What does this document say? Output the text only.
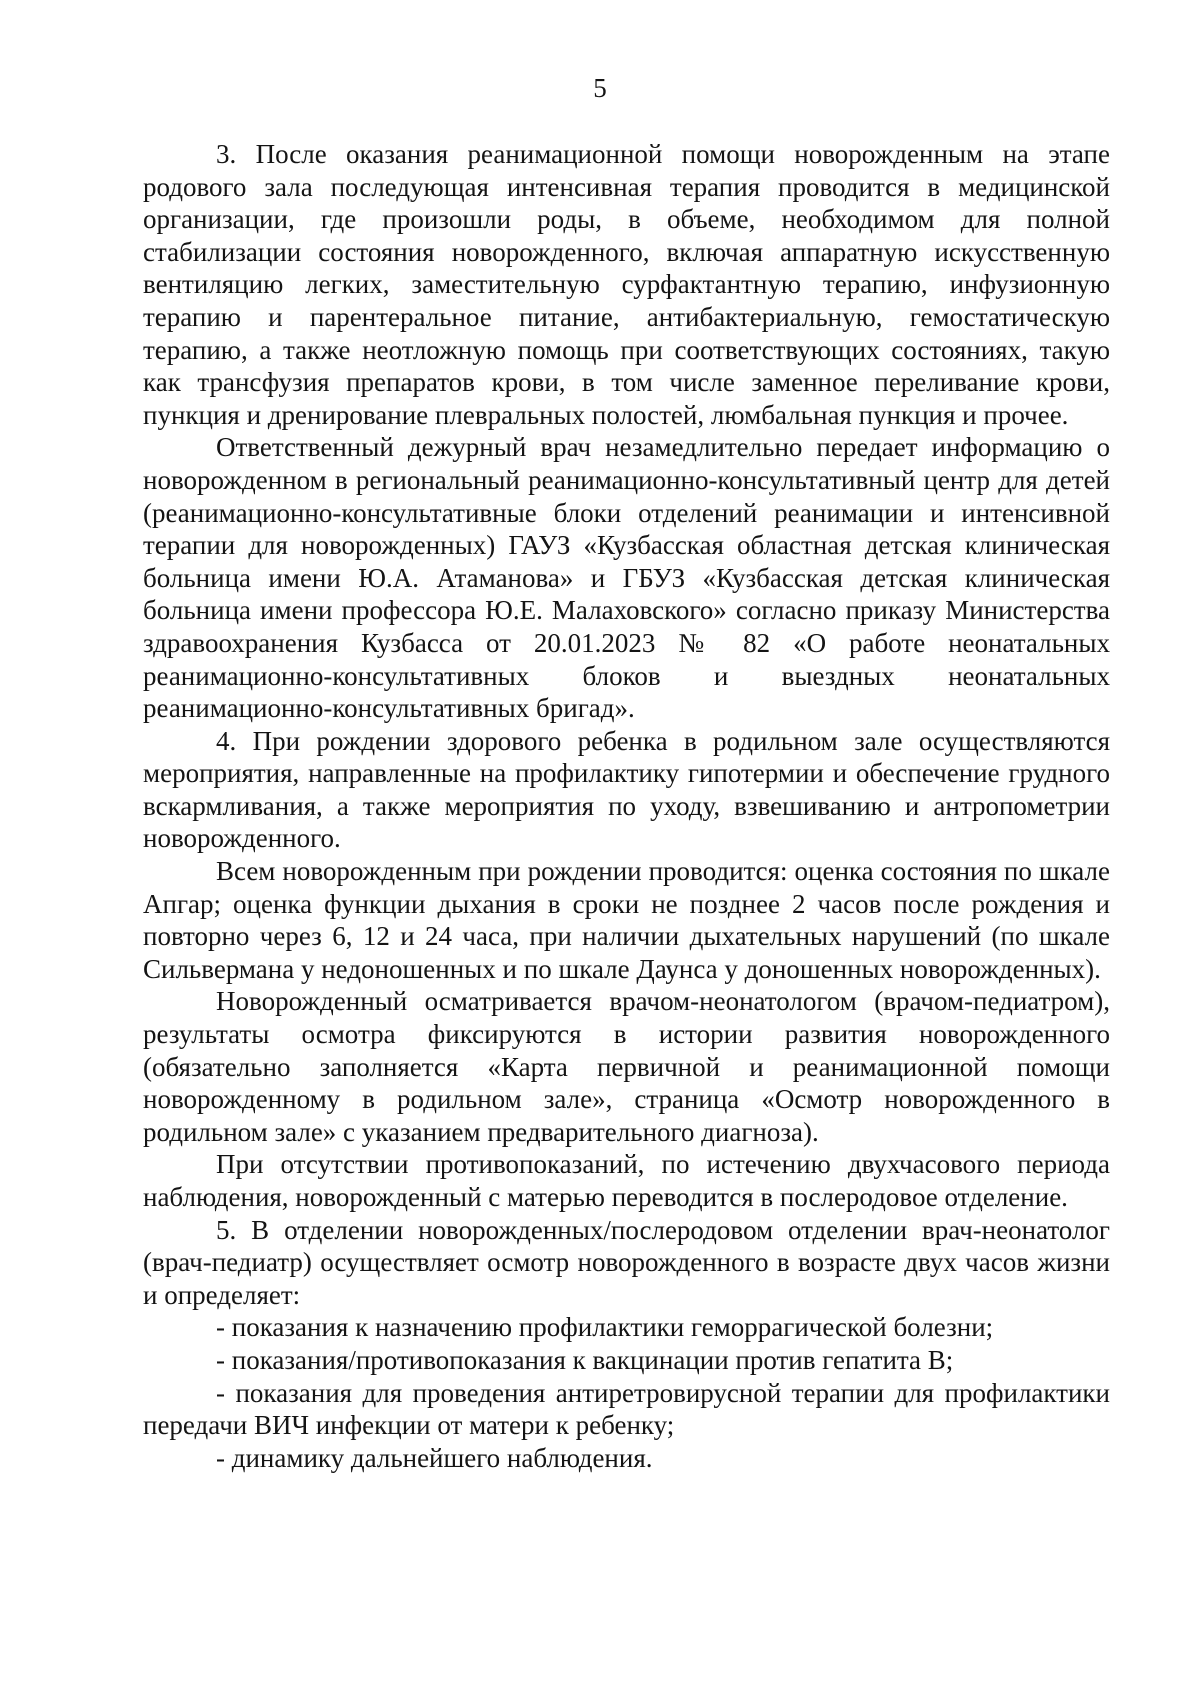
5

3. После оказания реанимационной помощи новорожденным на этапе родового зала последующая интенсивная терапия проводится в медицинской организации, где произошли роды, в объеме, необходимом для полной стабилизации состояния новорожденного, включая аппаратную искусственную вентиляцию легких, заместительную сурфактантную терапию, инфузионную терапию и парентеральное питание, антибактериальную, гемостатическую терапию, а также неотложную помощь при соответствующих состояниях, такую как трансфузия препаратов крови, в том числе заменное переливание крови, пункция и дренирование плевральных полостей, люмбальная пункция и прочее.

Ответственный дежурный врач незамедлительно передает информацию о новорожденном в региональный реанимационно-консультативный центр для детей (реанимационно-консультативные блоки отделений реанимации и интенсивной терапии для новорожденных) ГАУЗ «Кузбасская областная детская клиническая больница имени Ю.А. Атаманова» и ГБУЗ «Кузбасская детская клиническая больница имени профессора Ю.Е. Малаховского» согласно приказу Министерства здравоохранения Кузбасса от 20.01.2023 № 82 «О работе неонатальных реанимационно-консультативных блоков и выездных неонатальных реанимационно-консультативных бригад».

4. При рождении здорового ребенка в родильном зале осуществляются мероприятия, направленные на профилактику гипотермии и обеспечение грудного вскармливания, а также мероприятия по уходу, взвешиванию и антропометрии новорожденного.

Всем новорожденным при рождении проводится: оценка состояния по шкале Апгар; оценка функции дыхания в сроки не позднее 2 часов после рождения и повторно через 6, 12 и 24 часа, при наличии дыхательных нарушений (по шкале Сильвермана у недоношенных и по шкале Даунса у доношенных новорожденных).

Новорожденный осматривается врачом-неонатологом (врачом-педиатром), результаты осмотра фиксируются в истории развития новорожденного (обязательно заполняется «Карта первичной и реанимационной помощи новорожденному в родильном зале», страница «Осмотр новорожденного в родильном зале» с указанием предварительного диагноза).

При отсутствии противопоказаний, по истечению двухчасового периода наблюдения, новорожденный с матерью переводится в послеродовое отделение.

5. В отделении новорожденных/послеродовом отделении врач-неонатолог (врач-педиатр) осуществляет осмотр новорожденного в возрасте двух часов жизни и определяет:

- показания к назначению профилактики геморрагической болезни;

- показания/противопоказания к вакцинации против гепатита B;

- показания для проведения антиретровирусной терапии для профилактики передачи ВИЧ инфекции от матери к ребенку;

- динамику дальнейшего наблюдения.
